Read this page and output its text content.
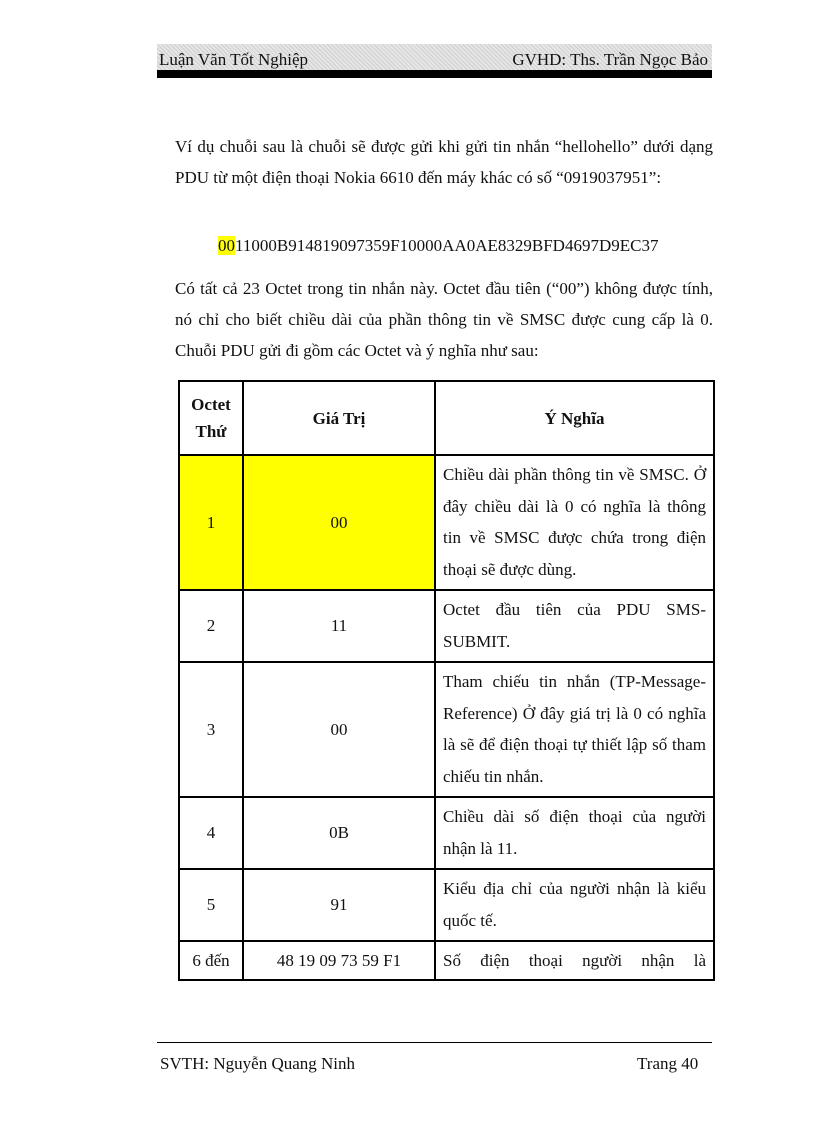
Luận Văn Tốt Nghiệp	GVHD: Ths. Trần Ngọc Bảo

Ví dụ chuỗi sau là chuỗi sẽ được gửi khi gửi tin nhắn “hellohello” dưới dạng PDU từ một điện thoại Nokia 6610 đến máy khác có số “0919037951”:

0011000B914819097359F10000AA0AE8329BFD4697D9EC37

Có tất cả 23 Octet trong tin nhắn này. Octet đầu tiên (“00”) không được tính, nó chỉ cho biết chiều dài của phần thông tin về SMSC được cung cấp là 0. Chuỗi PDU gửi đi gồm các Octet và ý nghĩa như sau:

Octet Thứ	Giá Trị	Ý Nghĩa
1	00	Chiều dài phần thông tin về SMSC. Ở đây chiều dài là 0 có nghĩa là thông tin về SMSC được chứa trong điện thoại sẽ được dùng.
2	11	Octet đầu tiên của PDU SMS-SUBMIT.
3	00	Tham chiếu tin nhắn (TP-Message-Reference) Ở đây giá trị là 0 có nghĩa là sẽ để điện thoại tự thiết lập số tham chiếu tin nhắn.
4	0B	Chiều dài số điện thoại của người nhận là 11.
5	91	Kiểu địa chỉ của người nhận là kiểu quốc tế.
6 đến	48 19 09 73 59 F1	Số điện thoại người nhận là
SVTH: Nguyễn Quang Ninh	Trang 40
